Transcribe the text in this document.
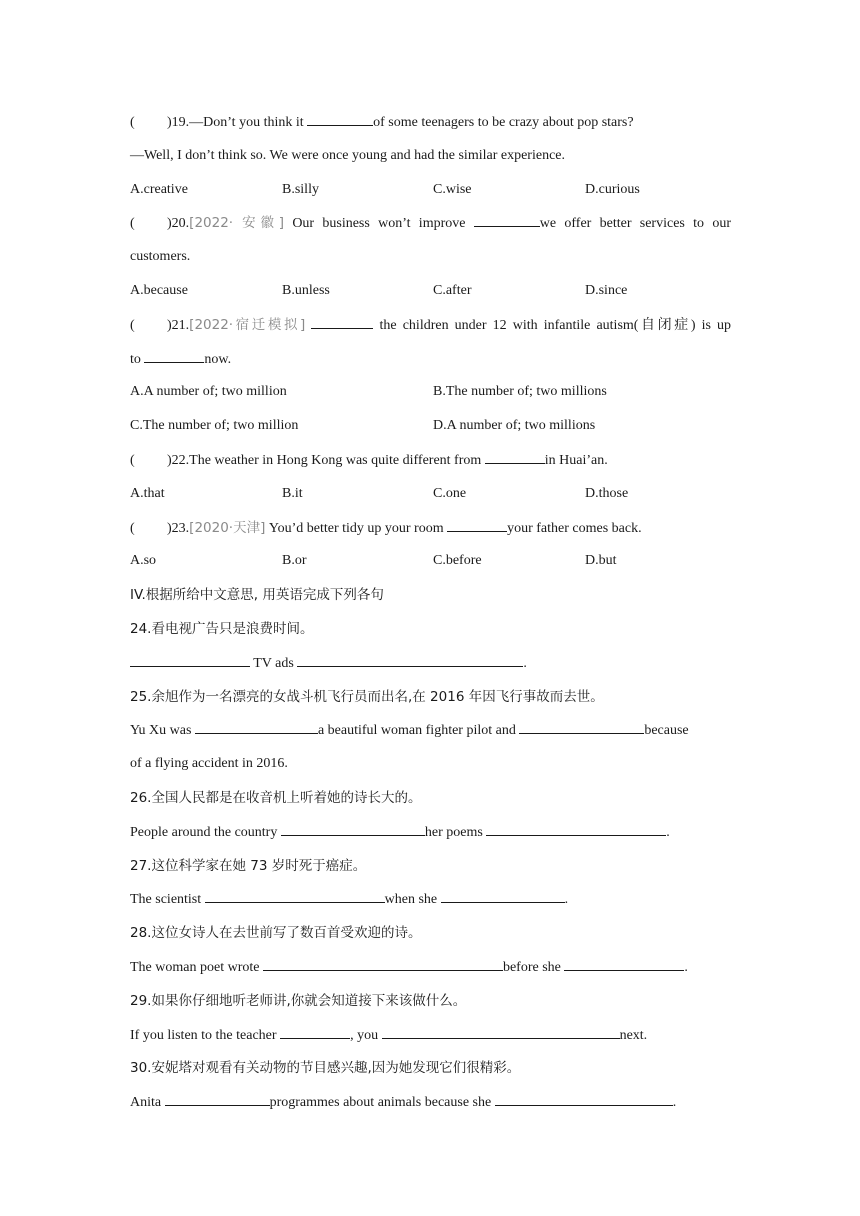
( )19.—Don’t you think it	of some teenagers to be crazy about pop stars?
—Well, I don’t think so. We were once young and had the similar experience.
A.creative	B.silly	C.wise	D.curious
( )20.[2022· 安徽] Our business won’t improve	we offer better services to our
customers.
A.because	B.unless	C.after	D.since
( )21.[2022·宿迁模拟]	the children under 12 with infantile autism(自闭症) is up
to	now.
A.A number of; two million	B.The number of; two millions
C.The number of; two million	D.A number of; two millions
( )22.The weather in Hong Kong was quite different from	in Huai’an.
A.that	B.it	C.one	D.those
( )23.[2020·天津] You’d better tidy up your room	your father comes back.
A.so	B.or	C.before	D.but
IV.根据所给中文意思, 用英语完成下列各句
24.看电视广告只是浪费时间。
TV ads	.
25.余旭作为一名漂亮的女战斗机飞行员而出名,在 2016 年因飞行事故而去世。
Yu Xu was	a beautiful woman fighter pilot and	because
of a flying accident in 2016.
26.全国人民都是在收音机上听着她的诗长大的。
People around the country	her poems	.
27.这位科学家在她 73 岁时死于癌症。
The scientist	when she	.
28.这位女诗人在去世前写了数百首受欢迎的诗。
The woman poet wrote	before she	.
29.如果你仔细地听老师讲,你就会知道接下来该做什么。
If you listen to the teacher	, you	next.
30.安妮塔对观看有关动物的节目感兴趣,因为她发现它们很精彩。
Anita	programmes about animals because she	.
